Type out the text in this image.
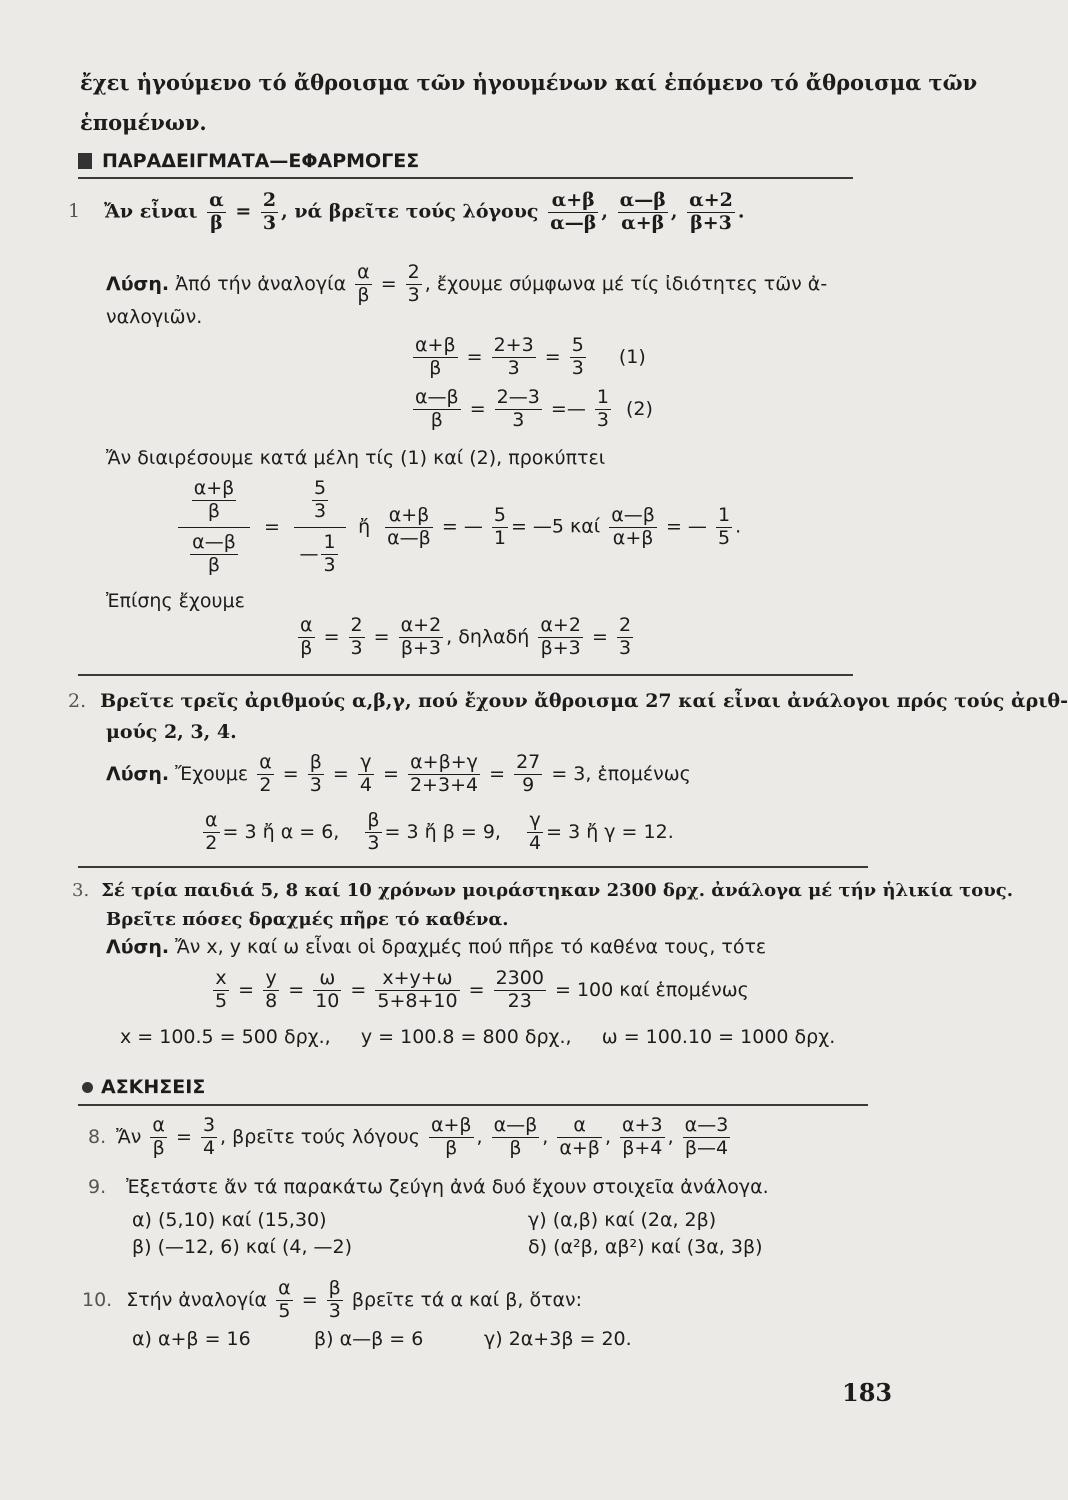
ἔχει ἡγούμενο τό ἄθροισμα τῶν ἡγουμένων καί ἑπόμενο τό ἄθροισμα τῶν
ἑπομένων.
ΠΑΡΑΔΕΙΓΜΑΤΑ—ΕΦΑΡΜΟΓΕΣ
1 Ἄν εἶναι $\frac{\alpha}{\beta} = \frac{2}{3}$ , νά βρεῖτε τούς λόγους $\frac{\alpha+\beta}{\alpha—\beta}$ , $\frac{\alpha—\beta}{\alpha+\beta}$ , $\frac{\alpha+2}{\beta+3}$ .
Λύση. Ἀπό τήν ἀναλογία $\frac{\alpha}{\beta} = \frac{2}{3}$ , ἔχουμε σύμφωνα μέ τίς ἰδιότητες τῶν ἀ-
ναλογιῶν.
$\frac{\alpha+\beta}{\beta} = \frac{2+3}{3} = \frac{5}{3} (1)$
$\frac{\alpha—\beta}{\beta} = \frac{2—3}{3}$ =— $\frac{1}{3} (2)$
Ἄν διαιρέσουμε κατά μέλη τίς (1) καί (2), προκύπτει
$\frac{\frac{\alpha+\beta}{\beta}}{\frac{\alpha—\beta}{\beta}} = \frac{\frac{5}{3}}{— \frac{1}{3}}$ ἤ $\frac{\alpha+\beta}{\alpha—\beta}$ = — $\frac{5}{1}$ = —5 καί $\frac{\alpha—\beta}{\alpha+\beta}$ = — $\frac{1}{5}$ .
Ἐπίσης ἔχουμε
$\frac{\alpha}{\beta} = \frac{2}{3} = \frac{\alpha+2}{\beta+3}$ , δηλαδή $\frac{\alpha+2}{\beta+3} = \frac{2}{3}$
2. Βρεῖτε τρεῖς ἀριθμούς α,β,γ, πού ἔχουν ἄθροισμα 27 καί εἶναι ἀνάλογοι πρός τούς ἀριθ-
μούς 2, 3, 4.
Λύση. Ἔχουμε $\frac{\alpha}{2} = \frac{\beta}{3} = \frac{\gamma}{4} = \frac{\alpha+\beta+\gamma}{2+3+4} = \frac{27}{9} = 3$, ἑπομένως
$\frac{\alpha}{2} = 3$ ἤ α = 6, $\frac{\beta}{3} = 3$ ἤ β = 9, $\frac{\gamma}{4} = 3$ ἤ γ = 12.
3. Σέ τρία παιδιά 5, 8 καί 10 χρόνων μοιράστηκαν 2300 δρχ. ἀνάλογα μέ τήν ἡλικία τους.
Βρεῖτε πόσες δραχμές πῆρε τό καθένα.
Λύση. Ἄν x, y καί ω εἶναι οἱ δραχμές πού πῆρε τό καθένα τους, τότε
$\frac{x}{5} = \frac{y}{8} = \frac{\omega}{10} = \frac{x+y+\omega}{5+8+10} = \frac{2300}{23} = 100$ καί ἑπομένως
x = 100.5 = 500 δρχ.,     y = 100.8 = 800 δρχ.,     ω = 100.10 = 1000 δρχ.
ΑΣΚΗΣΕΙΣ
8. Ἄν $\frac{\alpha}{\beta} = \frac{3}{4}$ , βρεῖτε τούς λόγους $\frac{\alpha+\beta}{\beta}$ , $\frac{\alpha—\beta}{\beta}$ , $\frac{\alpha}{\alpha+\beta}$ , $\frac{\alpha+3}{\beta+4}$ , $\frac{\alpha—3}{\beta—4}$
9. Ἐξετάστε ἄν τά παρακάτω ζεύγη ἀνά δυό ἔχουν στοιχεῖα ἀνάλογα.
α) (5,10) καί (15,30)
β) (—12, 6) καί (4, —2)
γ) (α,β) καί (2α, 2β)
δ) (α²β, αβ²) καί (3α, 3β)
10. Στήν ἀναλογία $\frac{\alpha}{5} = \frac{\beta}{3}$ βρεῖτε τά α καί β, ὅταν:
α) α+β = 16	β) α—β = 6	γ) 2α+3β = 20.
183
